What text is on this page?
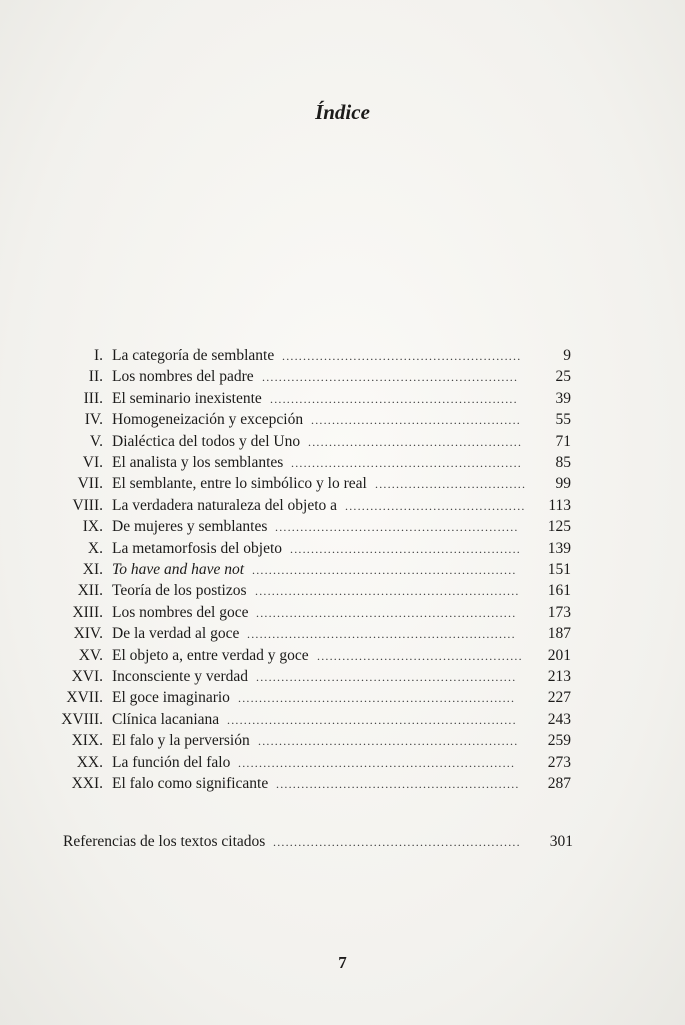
Índice
I. La categoría de semblante .........................................................	9
II. Los nombres del padre .............................................................	25
III. El seminario inexistente ...........................................................	39
IV. Homogeneización y excepción ..................................................	55
V. Dialéctica del todos y del Uno ................................................... 71
VI. El analista y los semblantes ....................................................... 85
VII. El semblante, entre lo simbólico y lo real .................................... 99
VIII. La verdadera naturaleza del objeto a ........................................... 113
IX. De mujeres y semblantes ..........................................................	125
X. La metamorfosis del objeto .......................................................	139
XI. To have and have not ...............................................................	151
XII. Teoría de los postizos ...............................................................	161
XIII. Los nombres del goce ..............................................................	173
XIV. De la verdad al goce ................................................................	187
XV. El objeto a, entre verdad y goce ................................................. 201
XVI. Inconsciente y verdad ..............................................................	213
XVII. El goce imaginario ..................................................................	227
XVIII. Clínica lacaniana .....................................................................	243
XIX. El falo y la perversión ..............................................................	259
XX. La función del falo ..................................................................	273
XXI. El falo como significante ..........................................................	287
Referencias de los textos citados ...........................................................	301
7
